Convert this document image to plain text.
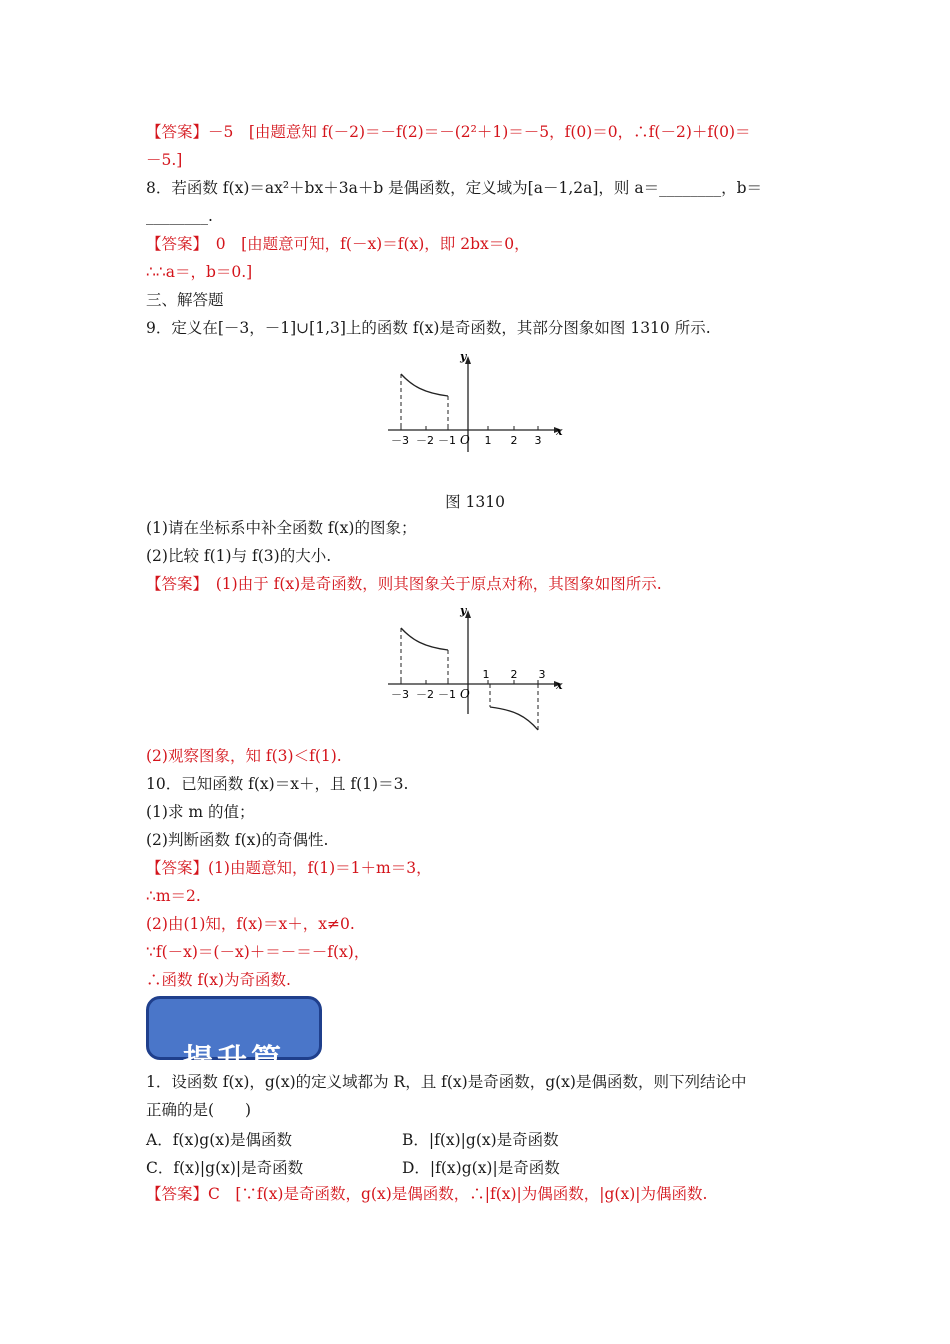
【答案】－5　[由题意知 f(－2)＝－f(2)＝－(2²＋1)＝－5，f(0)＝0，∴f(－2)＋f(0)＝
－5.]
8．若函数 f(x)＝ax²＋bx＋3a＋b 是偶函数，定义域为[a－1,2a]，则 a＝________，b＝
________.
【答案】　0　[由题意可知，f(－x)＝f(x)，即 2bx＝0，
∴∴a＝，b＝0.]
三、解答题
9．定义在[－3，－1]∪[1,3]上的函数 f(x)是奇函数，其部分图象如图 1310 所示.
y
x
O
－3 －2 －1	1 2 3
图 1310
(1)请在坐标系中补全函数 f(x)的图象；
(2)比较 f(1)与 f(3)的大小.
【答案】　(1)由于 f(x)是奇函数，则其图象关于原点对称，其图象如图所示.
y
x
O
－3 －2 －1
1 2 3
(2)观察图象，知 f(3)＜f(1).
10．已知函数 f(x)＝x＋，且 f(1)＝3.
(1)求 m 的值；
(2)判断函数 f(x)的奇偶性.
【答案】(1)由题意知，f(1)＝1＋m＝3，
∴m＝2.
(2)由(1)知，f(x)＝x＋，x≠0.
∵f(－x)＝(－x)＋＝－＝－f(x)，
∴函数 f(x)为奇函数.
提升篇
1．设函数 f(x)，g(x)的定义域都为 R，且 f(x)是奇函数，g(x)是偶函数，则下列结论中
正确的是(　　)
A．f(x)g(x)是偶函数	B．|f(x)|g(x)是奇函数
C．f(x)|g(x)|是奇函数	D．|f(x)g(x)|是奇函数
【答案】C　[∵f(x)是奇函数，g(x)是偶函数，∴|f(x)|为偶函数，|g(x)|为偶函数.
